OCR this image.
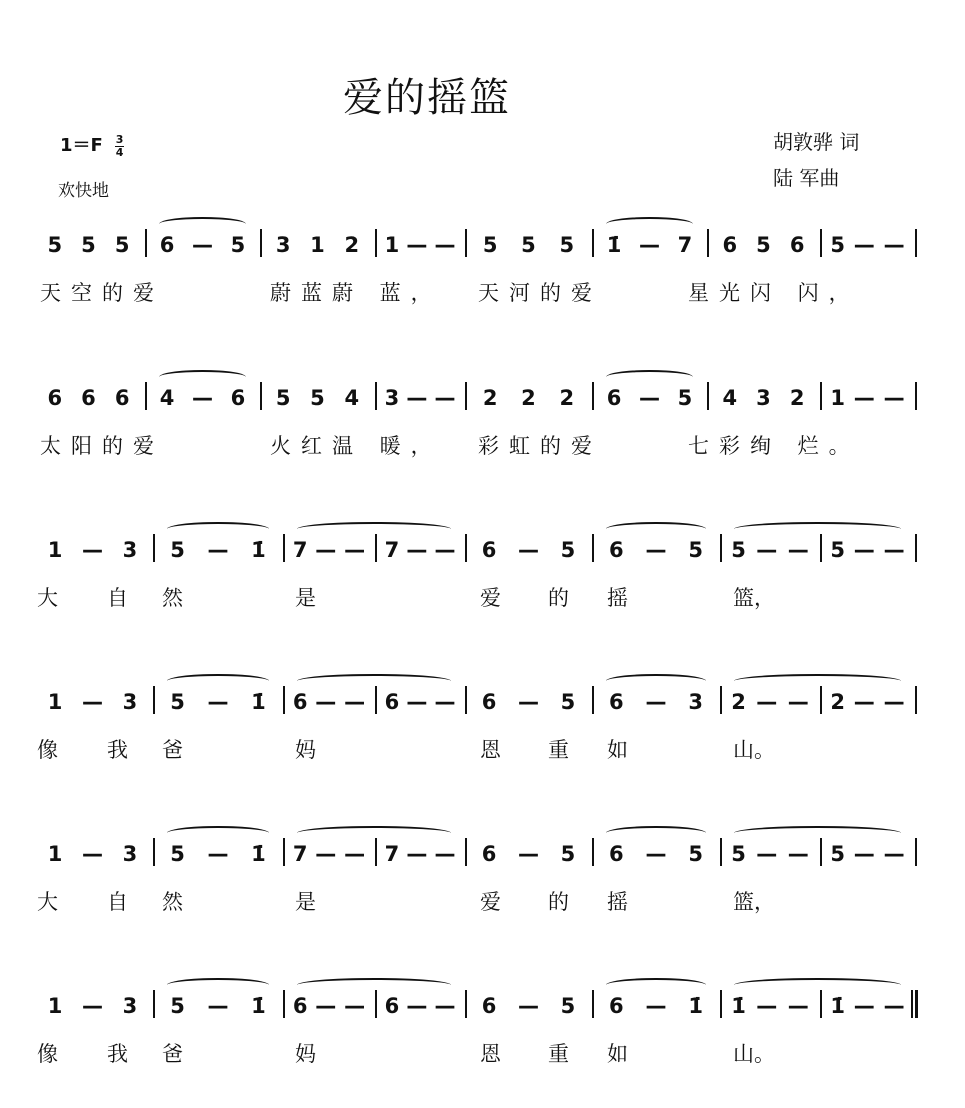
爱的摇篮
$1=F \frac{3}{4}$
欢快地
胡敦骅 词
陆 军曲
5 5 5 6 — 5 3 1 2 1 — — 5 5 5 1̇ — 7 6 5 6 5 — —
天空的爱	蔚蓝蔚 蓝， 天河的爱	星光闪 闪，
6 6 6 4 — 6 5 5 4 3 — — 2 2 2 6 — 5 4 3 2 1 — —
太阳的爱	火红温 暖， 彩虹的爱	七彩绚 烂。
1 — 3 5 — 1̇ 7 — — 7 — — 6 — 5 6 — 5 5 — — 5 — —
大 自 然	是	爱 的 摇	篮，
1 — 3 5 — 1̇ 6 — — 6 — — 6 — 5 6 — 3 2 — — 2 — —
像 我 爸	妈	恩 重 如	山。
1 — 3 5 — 1̇ 7 — — 7 — — 6 — 5 6 — 5 5 — — 5 — —
大 自 然	是	爱 的 摇	篮，
1 — 3 5 — 1̇ 6 — — 6 — — 6 — 5 6 — 1̇ 1̇ — — 1̇ — —
像 我 爸	妈	恩 重 如	山。
